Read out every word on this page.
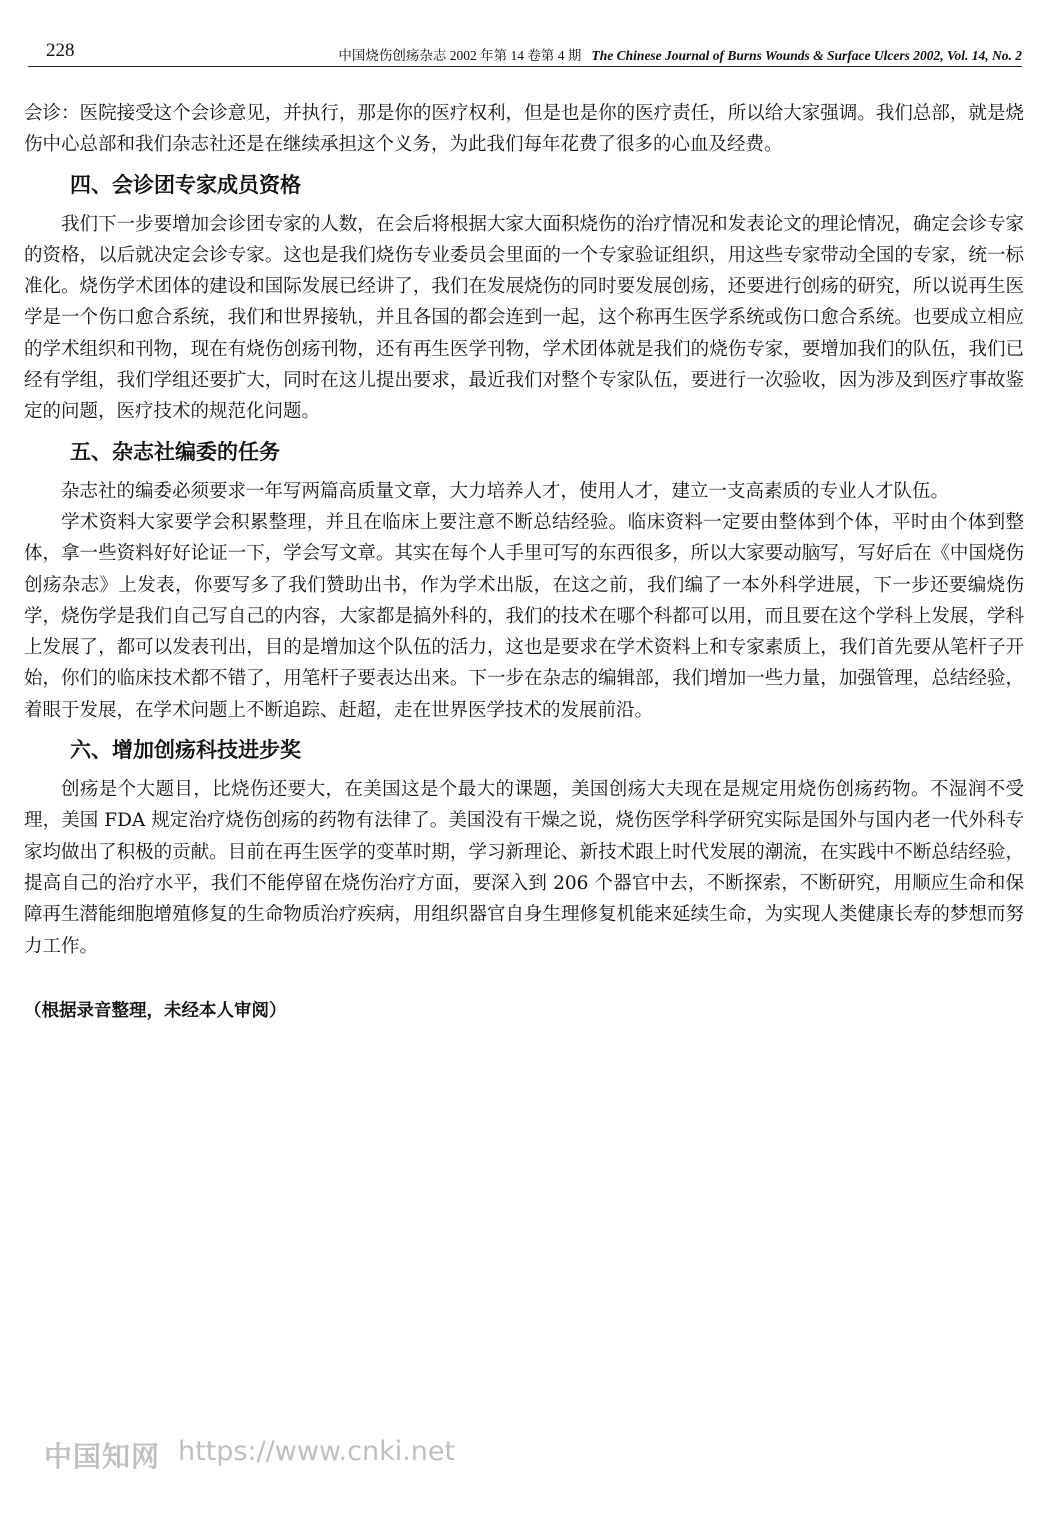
228	中国烧伤创疡杂志 2002 年第 14 卷第 4 期 The Chinese Journal of Burns Wounds & Surface Ulcers 2002, Vol. 14, No. 2

会诊：医院接受这个会诊意见，并执行，那是你的医疗权利，但是也是你的医疗责任，所以给大家强调。我们总部，就是烧伤中心总部和我们杂志社还是在继续承担这个义务，为此我们每年花费了很多的心血及经费。

四、会诊团专家成员资格

我们下一步要增加会诊团专家的人数，在会后将根据大家大面积烧伤的治疗情况和发表论文的理论情况，确定会诊专家的资格，以后就决定会诊专家。这也是我们烧伤专业委员会里面的一个专家验证组织，用这些专家带动全国的专家，统一标准化。烧伤学术团体的建设和国际发展已经讲了，我们在发展烧伤的同时要发展创疡，还要进行创疡的研究，所以说再生医学是一个伤口愈合系统，我们和世界接轨，并且各国的都会连到一起，这个称再生医学系统或伤口愈合系统。也要成立相应的学术组织和刊物，现在有烧伤创疡刊物，还有再生医学刊物，学术团体就是我们的烧伤专家，要增加我们的队伍，我们已经有学组，我们学组还要扩大，同时在这儿提出要求，最近我们对整个专家队伍，要进行一次验收，因为涉及到医疗事故鉴定的问题，医疗技术的规范化问题。

五、杂志社编委的任务

杂志社的编委必须要求一年写两篇高质量文章，大力培养人才，使用人才，建立一支高素质的专业人才队伍。

学术资料大家要学会积累整理，并且在临床上要注意不断总结经验。临床资料一定要由整体到个体，平时由个体到整体，拿一些资料好好论证一下，学会写文章。其实在每个人手里可写的东西很多，所以大家要动脑写，写好后在《中国烧伤创疡杂志》上发表，你要写多了我们赞助出书，作为学术出版，在这之前，我们编了一本外科学进展，下一步还要编烧伤学，烧伤学是我们自己写自己的内容，大家都是搞外科的，我们的技术在哪个科都可以用，而且要在这个学科上发展，学科上发展了，都可以发表刊出，目的是增加这个队伍的活力，这也是要求在学术资料上和专家素质上，我们首先要从笔杆子开始，你们的临床技术都不错了，用笔杆子要表达出来。下一步在杂志的编辑部，我们增加一些力量，加强管理，总结经验，着眼于发展，在学术问题上不断追踪、赶超，走在世界医学技术的发展前沿。

六、增加创疡科技进步奖

创疡是个大题目，比烧伤还要大，在美国这是个最大的课题，美国创疡大夫现在是规定用烧伤创疡药物。不湿润不受理，美国 FDA 规定治疗烧伤创疡的药物有法律了。美国没有干燥之说，烧伤医学科学研究实际是国外与国内老一代外科专家均做出了积极的贡献。目前在再生医学的变革时期，学习新理论、新技术跟上时代发展的潮流，在实践中不断总结经验，提高自己的治疗水平，我们不能停留在烧伤治疗方面，要深入到 206 个器官中去，不断探索，不断研究，用顺应生命和保障再生潜能细胞增殖修复的生命物质治疗疾病，用组织器官自身生理修复机能来延续生命，为实现人类健康长寿的梦想而努力工作。

（根据录音整理，未经本人审阅）

中国知网 https://www.cnki.net
